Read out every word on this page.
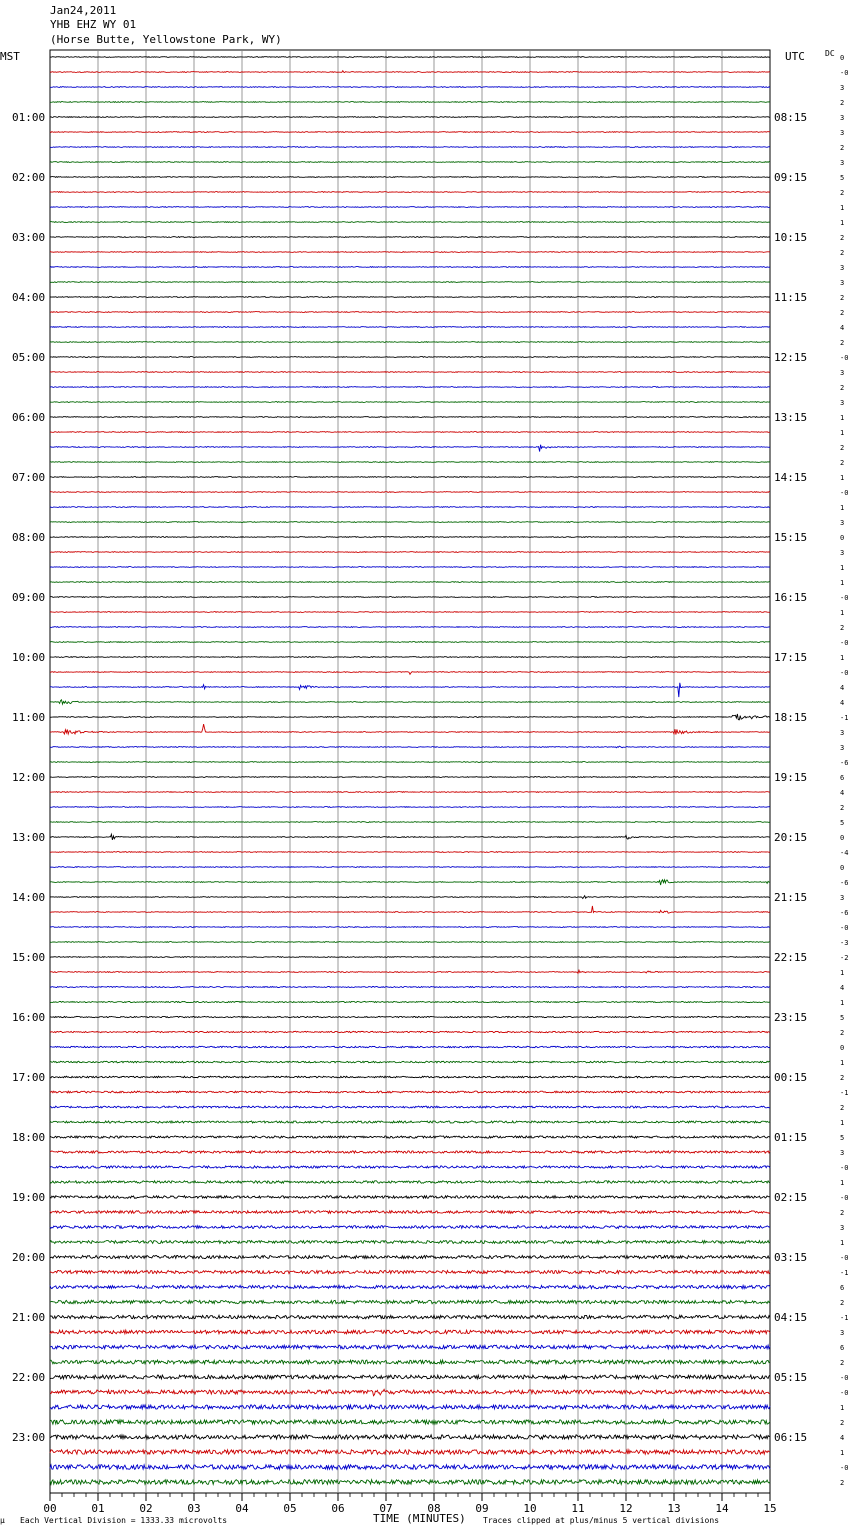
Jan24,2011
YHB EHZ WY 01
(Horse Butte, Yellowstone Park, WY)
MST	UTC	DC 0
-0
3
2
3
3
2
3
5
2
1
1
2
2
3
3
2
2
4
2
-0
3
2
3
1
1
2
2
1
-0
1
3
0
3
1
1
-0
1
2
-0
1
-0
4
4
-1
3
3
-6
6
4
2
5
0
-4
0
-6
3
-6
-0
-3
-2
1
4
1
5
2
0
1
2
-1
2
1
5
3
-0
1
-0
2
3
1
-0
-1
6
2
-1
3
6
2
-0
-0
1
2
4
1
-0
2
01:00
02:00
03:00
04:00
05:00
06:00
07:00
08:00
09:00
10:00
11:00
12:00
13:00
14:00
15:00
16:00
17:00
18:00
19:00
20:00
21:00
22:00
23:00
08:15
09:15
10:15
11:15
12:15
13:15
14:15
15:15
16:15
17:15
18:15
19:15
20:15
21:15
22:15
23:15
00:15
01:15
02:15
03:15
04:15
05:15
06:15
00	01	02	03	04	05	06	07	08	09	10	11	12	13	14	15
µ Each Vertical Division = 1333.33 microvolts	TIME (MINUTES) Traces clipped at plus/minus 5 vertical divisions
